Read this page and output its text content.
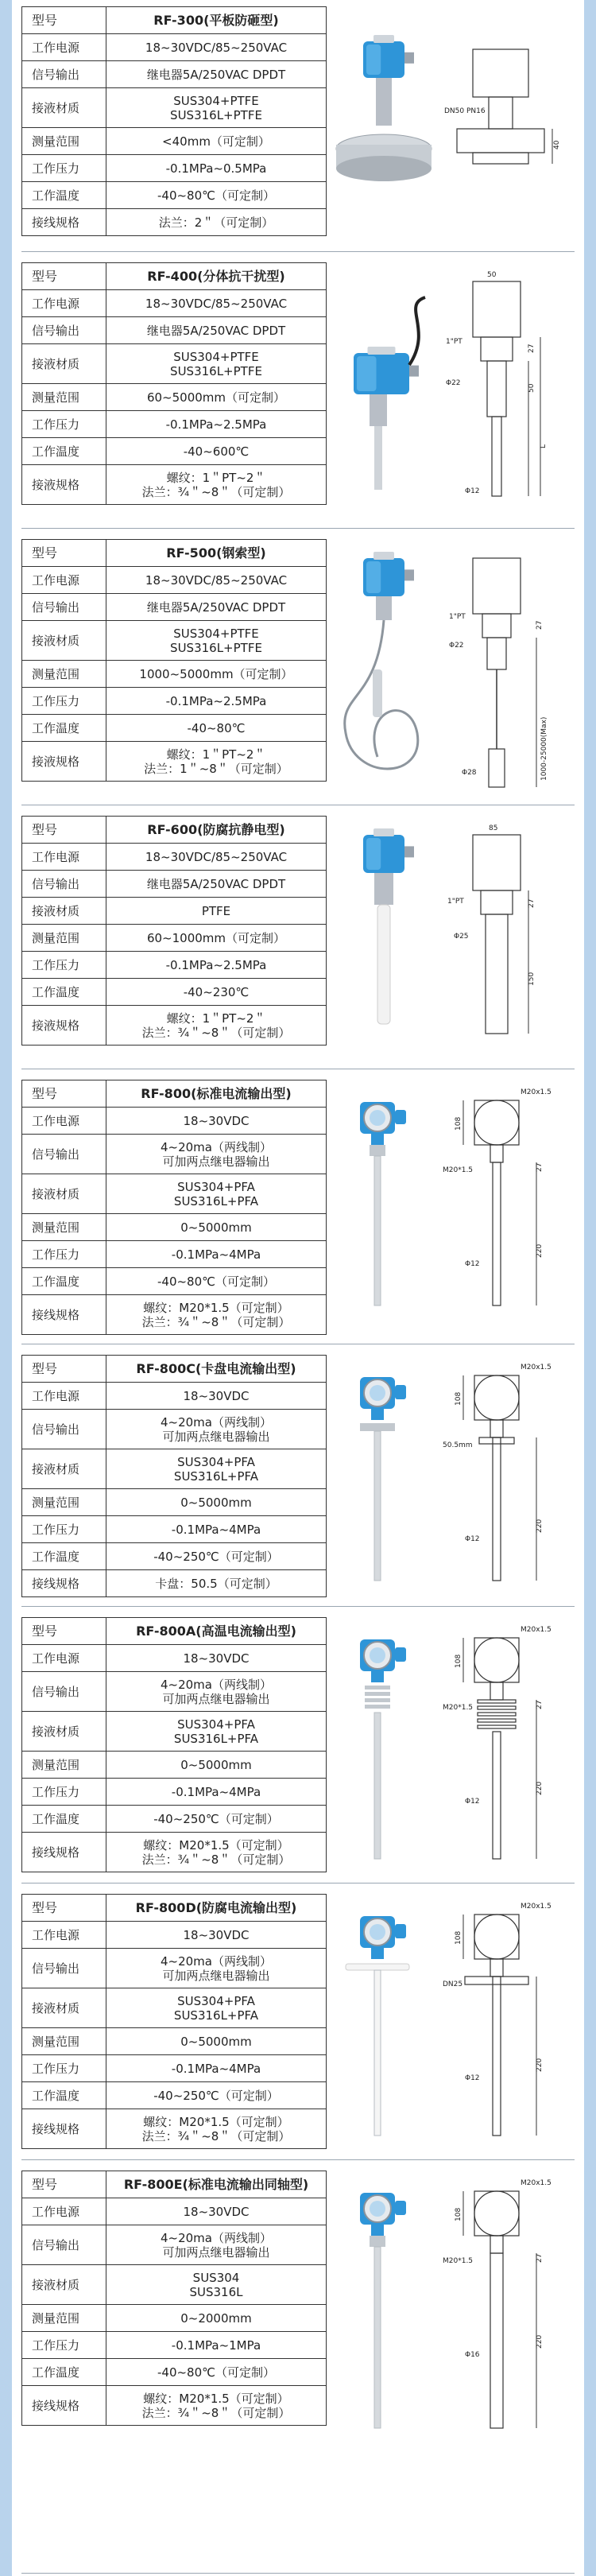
型号	RF-300(平板防砸型)
工作电源	18~30VDC/85~250VAC

信号输出	继电器5A/250VAC DPDT

接液材质	SUS304+PTFE
SUS316L+PTFE

测量范围	<40mm（可定制）

工作压力	-0.1MPa~0.5MPa

工作温度	-40~80℃（可定制）

接线规格	法兰：2＂（可定制）
DN50 PN16
40
型号	RF-400(分体抗干扰型)
工作电源	18~30VDC/85~250VAC

信号输出	继电器5A/250VAC DPDT

接液材质	SUS304+PTFE
SUS316L+PTFE

测量范围	60~5000mm（可定制）

工作压力	-0.1MPa~2.5MPa

工作温度	-40~600℃

接液规格	螺纹：1＂PT~2＂
法兰：¾＂~8＂（可定制）
50
1"PT
Φ22
27
50
L
Φ12
型号	RF-500(钢索型)
工作电源	18~30VDC/85~250VAC

信号输出	继电器5A/250VAC DPDT

接液材质	SUS304+PTFE
SUS316L+PTFE

测量范围	1000~5000mm（可定制）

工作压力	-0.1MPa~2.5MPa

工作温度	-40~80℃

接液规格	螺纹：1＂PT~2＂
法兰：1＂~8＂（可定制）
1"PT
Φ22
27
1000-25000(Max)
Φ28
型号	RF-600(防腐抗静电型)
工作电源	18~30VDC/85~250VAC

信号输出	继电器5A/250VAC DPDT

接液材质	PTFE

测量范围	60~1000mm（可定制）

工作压力	-0.1MPa~2.5MPa

工作温度	-40~230℃

接液规格	螺纹：1＂PT~2＂
法兰：¾＂~8＂（可定制）
85
1"PT
Φ25
27
150
型号	RF-800(标准电流输出型)
工作电源	18~30VDC

信号输出	4~20ma（两线制）
可加两点继电器输出

接液材质	SUS304+PFA
SUS316L+PFA

测量范围	0~5000mm

工作压力	-0.1MPa~4MPa

工作温度	-40~80℃（可定制）

接线规格	螺纹：M20*1.5（可定制）
法兰：¾＂~8＂（可定制）
M20x1.5
M20*1.5
108
27
220
Φ12
型号	RF-800C(卡盘电流输出型)
工作电源	18~30VDC

信号输出	4~20ma（两线制）
可加两点继电器输出

接液材质	SUS304+PFA
SUS316L+PFA

测量范围	0~5000mm

工作压力	-0.1MPa~4MPa

工作温度	-40~250℃（可定制）

接线规格	卡盘：50.5（可定制）
M20x1.5
50.5mm
108
220
Φ12
型号	RF-800A(高温电流输出型)
工作电源	18~30VDC

信号输出	4~20ma（两线制）
可加两点继电器输出

接液材质	SUS304+PFA
SUS316L+PFA

测量范围	0~5000mm

工作压力	-0.1MPa~4MPa

工作温度	-40~250℃（可定制）

接线规格	螺纹：M20*1.5（可定制）
法兰：¾＂~8＂（可定制）
M20x1.5
M20*1.5
108
27
220
Φ12
型号	RF-800D(防腐电流输出型)
工作电源	18~30VDC

信号输出	4~20ma（两线制）
可加两点继电器输出

接液材质	SUS304+PFA
SUS316L+PFA

测量范围	0~5000mm

工作压力	-0.1MPa~4MPa

工作温度	-40~250℃（可定制）

接线规格	螺纹：M20*1.5（可定制）
法兰：¾＂~8＂（可定制）
M20x1.5
DN25
108
220
Φ12
型号	RF-800E(标准电流输出同轴型)
工作电源	18~30VDC

信号输出	4~20ma（两线制）
可加两点继电器输出

接液材质	SUS304
SUS316L

测量范围	0~2000mm

工作压力	-0.1MPa~1MPa

工作温度	-40~80℃（可定制）

接线规格	螺纹：M20*1.5（可定制）
法兰：¾＂~8＂（可定制）
M20x1.5
M20*1.5
108
27
220
Φ16
